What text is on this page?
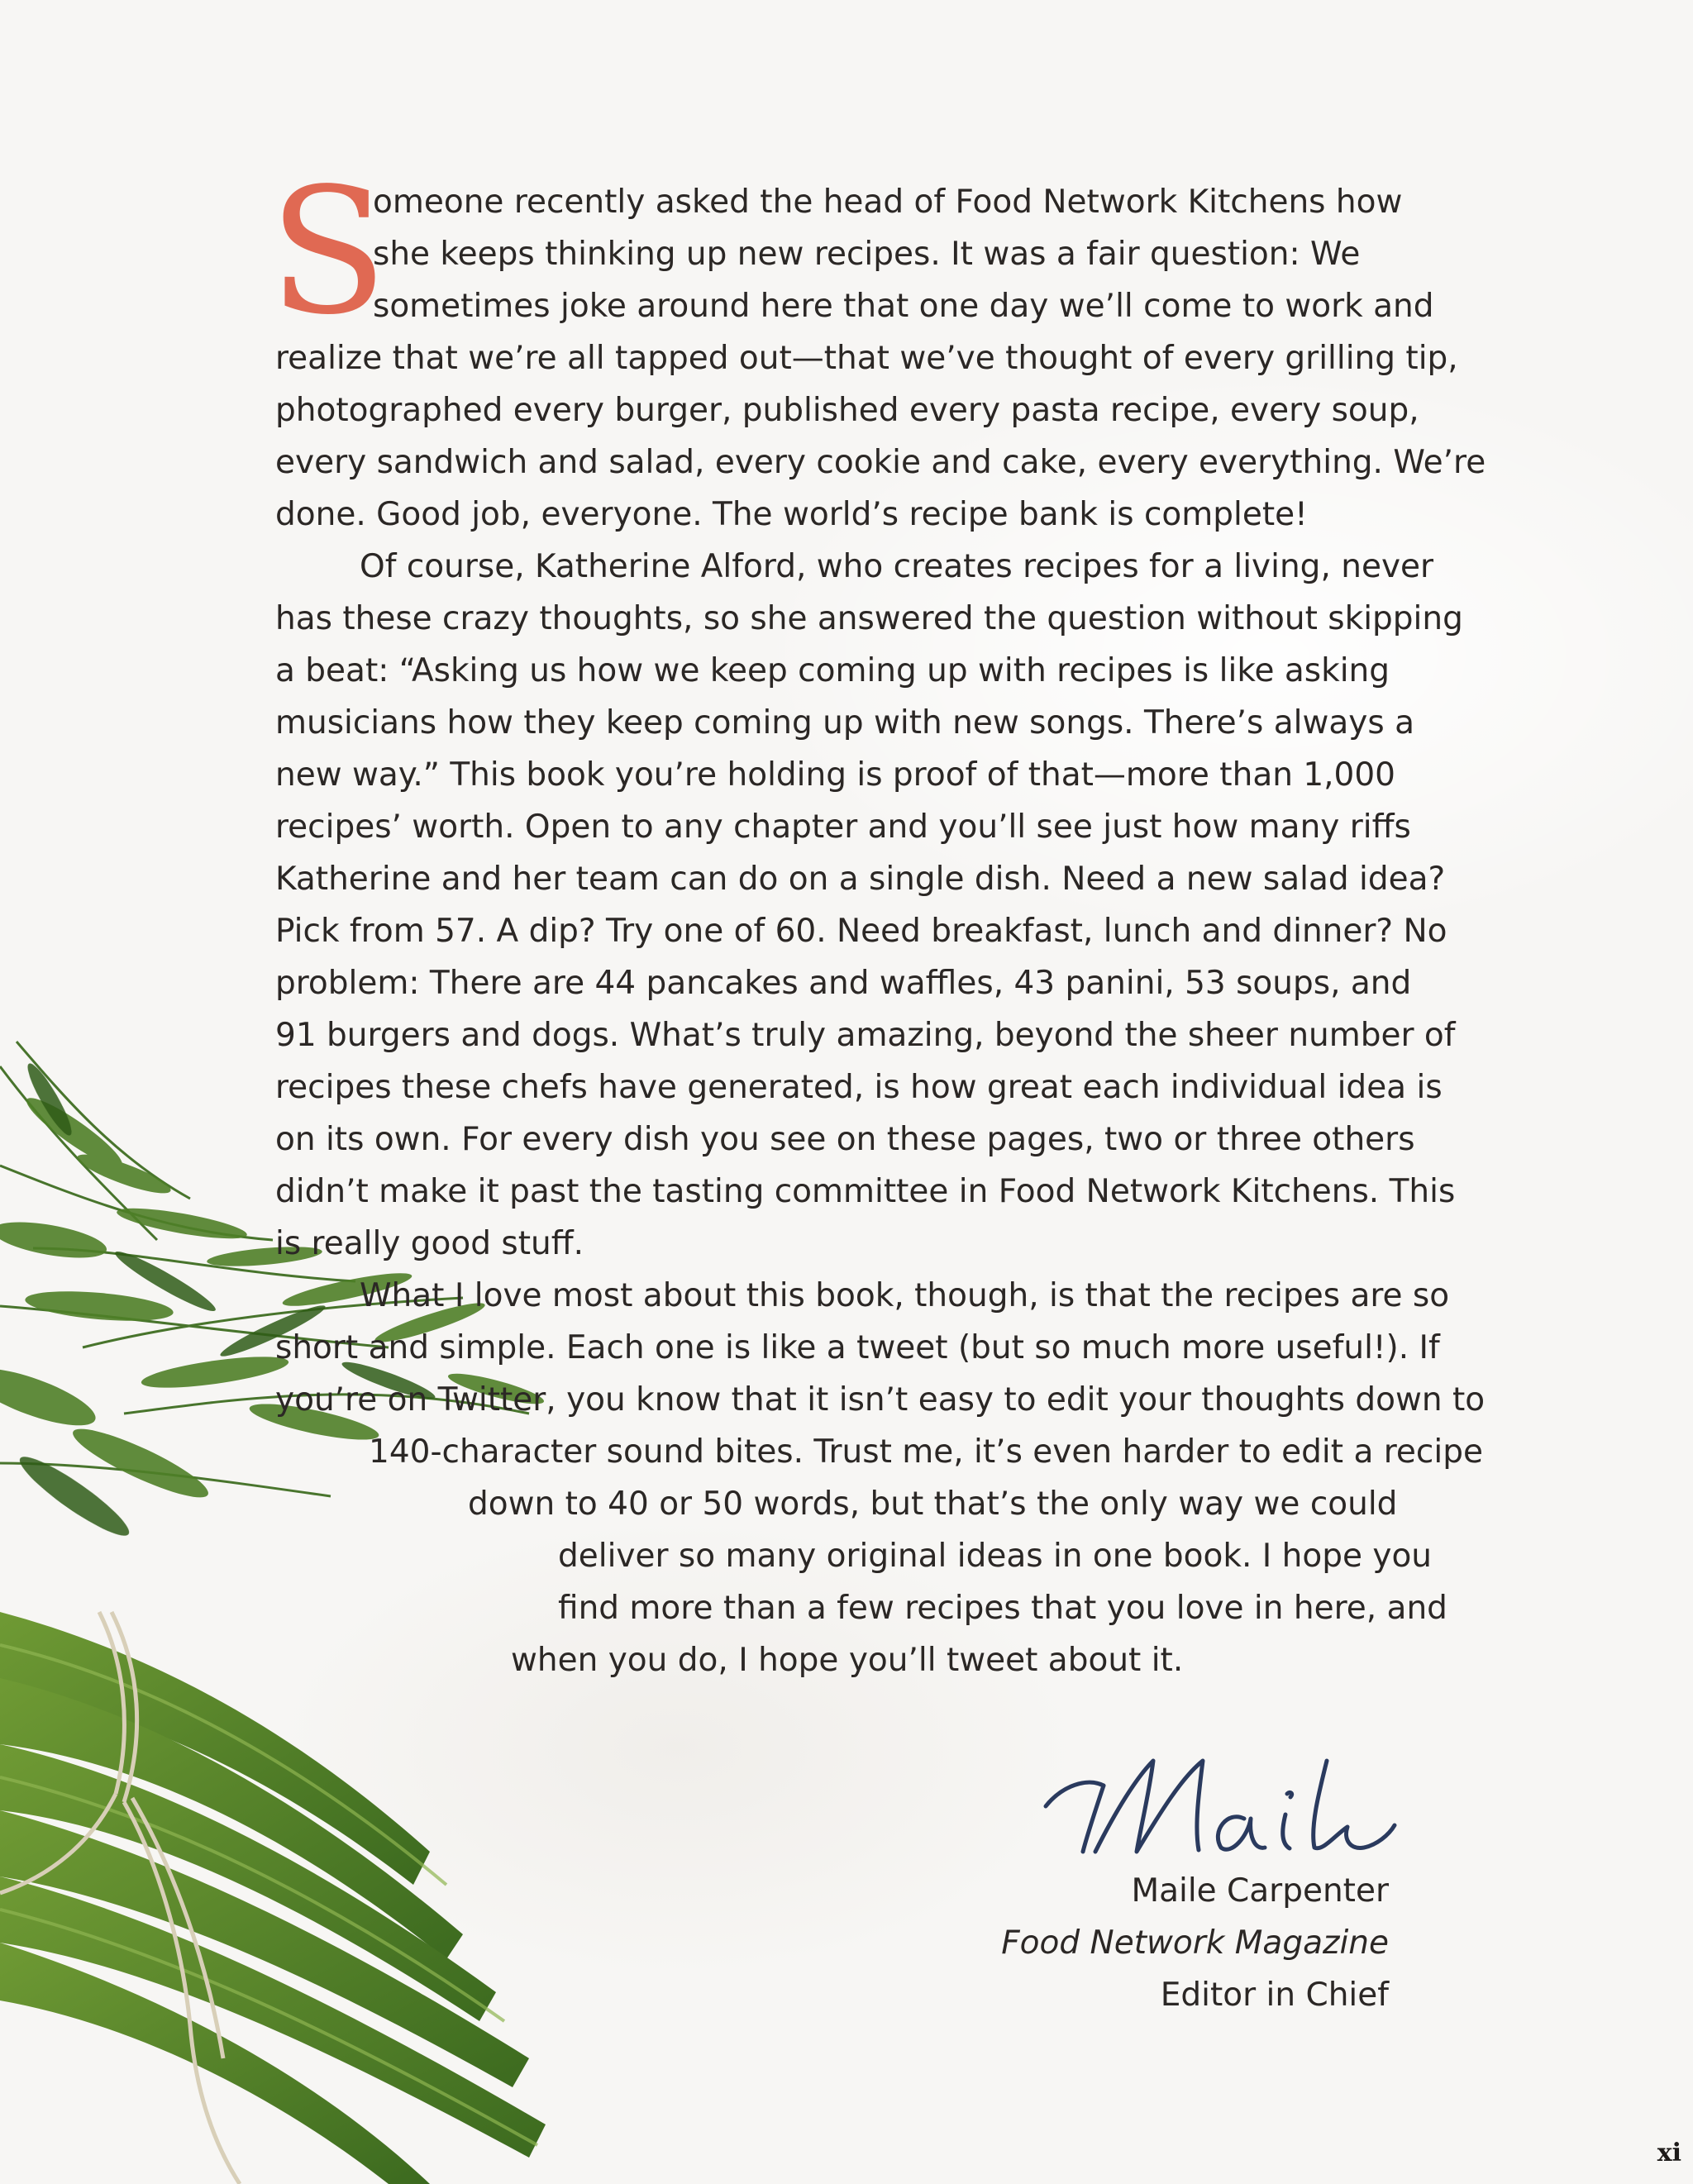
S
omeone recently asked the head of Food Network Kitchens how
she keeps thinking up new recipes. It was a fair question: We
sometimes joke around here that one day we’ll come to work and
realize that we’re all tapped out—that we’ve thought of every grilling tip,
photographed every burger, published every pasta recipe, every soup,
every sandwich and salad, every cookie and cake, every everything. We’re
done. Good job, everyone. The world’s recipe bank is complete!
Of course, Katherine Alford, who creates recipes for a living, never
has these crazy thoughts, so she answered the question without skipping
a beat: “Asking us how we keep coming up with recipes is like asking
musicians how they keep coming up with new songs. There’s always a
new way.” This book you’re holding is proof of that—more than 1,000
recipes’ worth. Open to any chapter and you’ll see just how many riffs
Katherine and her team can do on a single dish. Need a new salad idea?
Pick from 57. A dip? Try one of 60. Need breakfast, lunch and dinner? No
problem: There are 44 pancakes and waffles, 43 panini, 53 soups, and
91 burgers and dogs. What’s truly amazing, beyond the sheer number of
recipes these chefs have generated, is how great each individual idea is
on its own. For every dish you see on these pages, two or three others
didn’t make it past the tasting committee in Food Network Kitchens. This
is really good stuff.
What I love most about this book, though, is that the recipes are so
short and simple. Each one is like a tweet (but so much more useful!). If
you’re on Twitter, you know that it isn’t easy to edit your thoughts down to
140-character sound bites. Trust me, it’s even harder to edit a recipe
down to 40 or 50 words, but that’s the only way we could
deliver so many original ideas in one book. I hope you
find more than a few recipes that you love in here, and
when you do, I hope you’ll tweet about it.
Maile Carpenter
Food Network Magazine
Editor in Chief
xi
